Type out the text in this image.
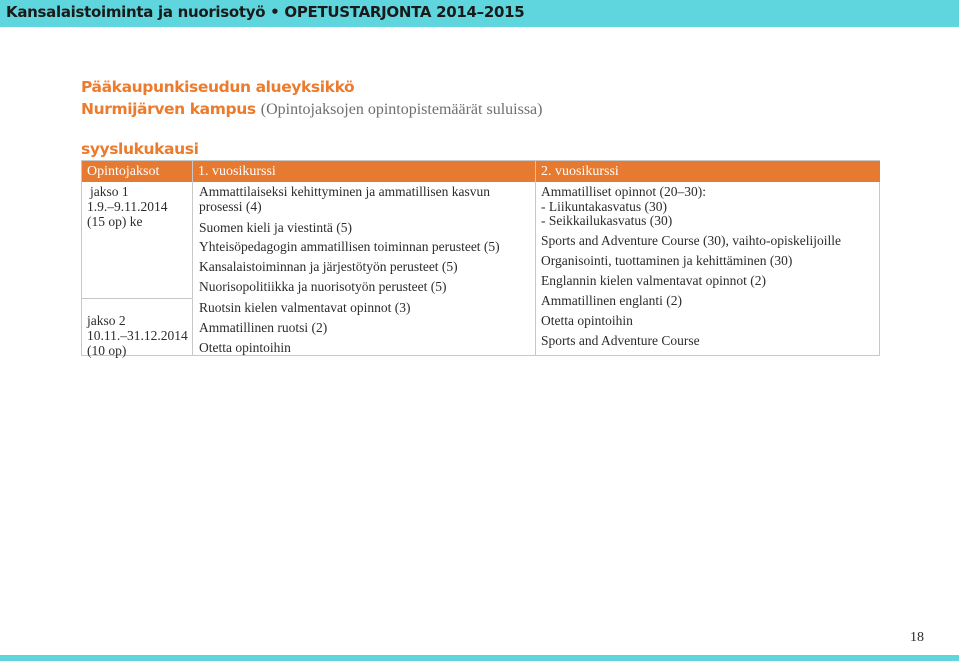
Kansalaistoiminta ja nuorisotyö • OPETUSTARJONTA 2014–2015
Pääkaupunkiseudun alueyksikkö
Nurmijärven kampus (Opintojaksojen opintopistemäärät suluissa)
syyslukukausi
Opintojaksot	1. vuosikurssi	2. vuosikurssi
jakso 1
1.9.–9.11.2014
(15 op) ke
jakso 2
10.11.–31.12.2014
(10 op)
Ammattilaiseksi kehittyminen ja ammatillisen kasvun
prosessi (4)
Suomen kieli ja viestintä (5)
Yhteisöpedagogin ammatillisen toiminnan perusteet (5)
Kansalaistoiminnan ja järjestötyön perusteet (5)
Nuorisopolitiikka ja nuorisotyön perusteet (5)
Ruotsin kielen valmentavat opinnot (3)
Ammatillinen ruotsi (2)
Otetta opintoihin
Ammatilliset opinnot (20–30):
- Liikuntakasvatus (30)
- Seikkailukasvatus (30)
Sports and Adventure Course (30), vaihto-opiskelijoille
Organisointi, tuottaminen ja kehittäminen (30)
Englannin kielen valmentavat opinnot (2)
Ammatillinen englanti (2)
Otetta opintoihin
Sports and Adventure Course
18
